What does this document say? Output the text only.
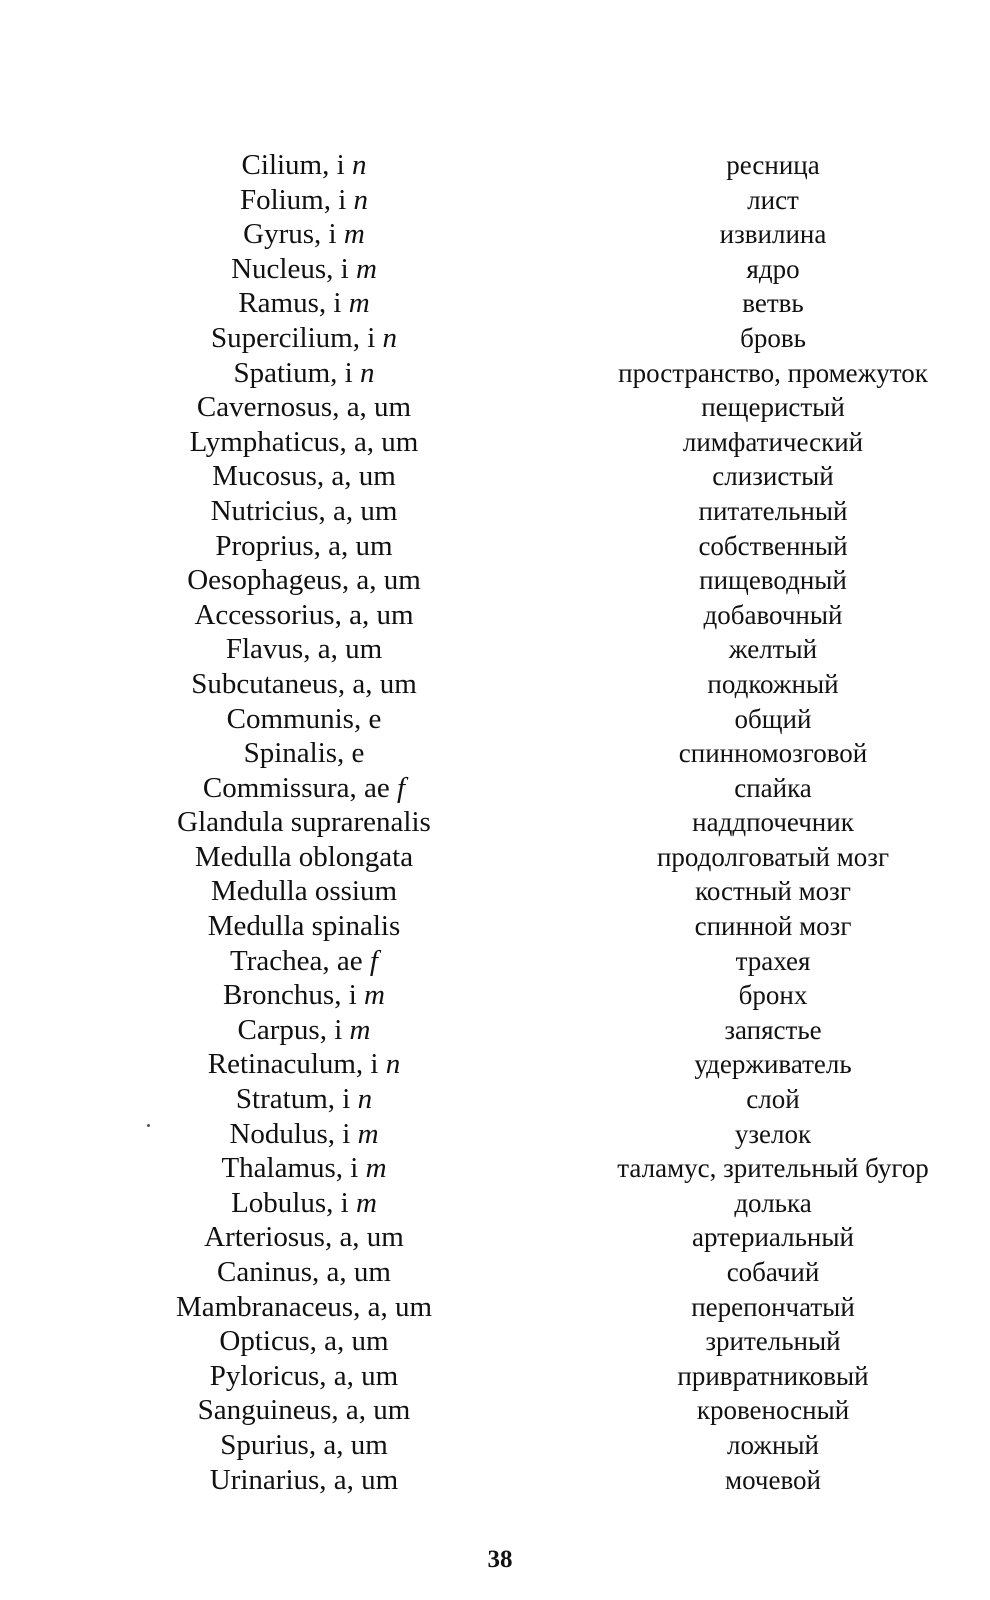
Cilium, i n
Folium, i n
Gyrus, i m
Nucleus, i m
Ramus, i m
Supercilium, i n
Spatium, i n
Cavernosus, a, um
Lymphaticus, a, um
Mucosus, a, um
Nutricius, a, um
Proprius, a, um
Oesophageus, a, um
Accessorius, a, um
Flavus, a, um
Subcutaneus, a, um
Communis, e
Spinalis, e
Commissura, ae f
Glandula suprarenalis
Medulla oblongata
Medulla ossium
Medulla spinalis
Trachea, ae f
Bronchus, i m
Carpus, i m
Retinaculum, i n
Stratum, i n
Nodulus, i m
Thalamus, i m
Lobulus, i m
Arteriosus, a, um
Caninus, a, um
Mambranaceus, a, um
Opticus, a, um
Pyloricus, a, um
Sanguineus, a, um
Spurius, a, um
Urinarius, a, um
ресница
лист
извилина
ядро
ветвь
бровь
пространство, промежуток
пещеристый
лимфатический
слизистый
питательный
собственный
пищеводный
добавочный
желтый
подкожный
общий
спинномозговой
спайка
наддпочечник
продолговатый мозг
костный мозг
спинной мозг
трахея
бронх
запястье
удерживатель
слой
узелок
таламус, зрительный бугор
долька
артериальный
собачий
перепончатый
зрительный
привратниковый
кровеносный
ложный
мочевой
38
